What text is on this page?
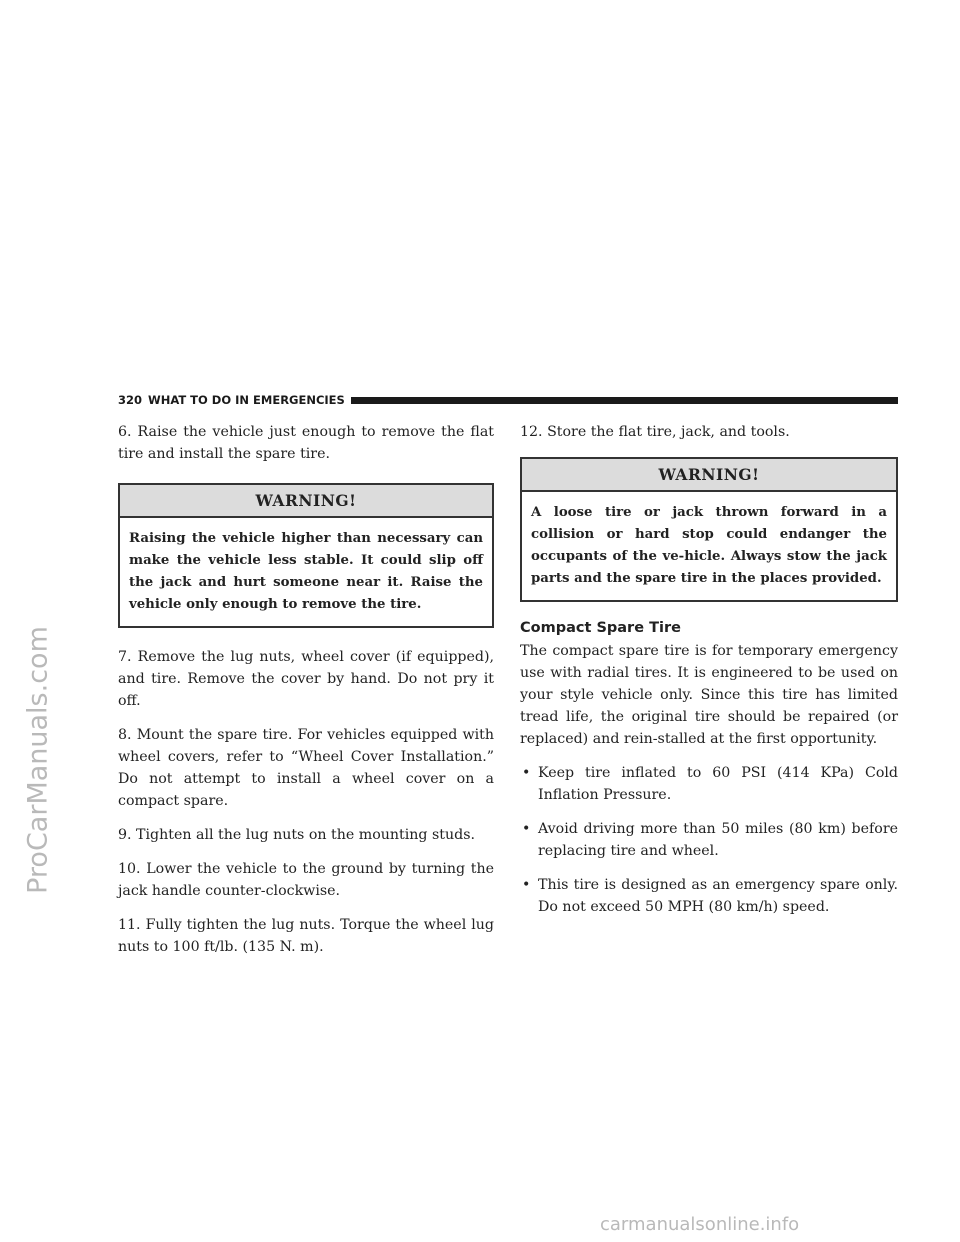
ProCarManuals.com
320 WHAT TO DO IN EMERGENCIES

6. Raise the vehicle just enough to remove the flat tire and install the spare tire.

WARNING!
Raising the vehicle higher than necessary can make the vehicle less stable. It could slip off the jack and hurt someone near it. Raise the vehicle only enough to remove the tire.

7. Remove the lug nuts, wheel cover (if equipped), and tire. Remove the cover by hand. Do not pry it off.

8. Mount the spare tire. For vehicles equipped with wheel covers, refer to “Wheel Cover Installation.” Do not attempt to install a wheel cover on a compact spare.

9. Tighten all the lug nuts on the mounting studs.

10. Lower the vehicle to the ground by turning the jack handle counter-clockwise.

11. Fully tighten the lug nuts. Torque the wheel lug nuts to 100 ft/lb. (135 N. m).

12. Store the flat tire, jack, and tools.

WARNING!
A loose tire or jack thrown forward in a collision or hard stop could endanger the occupants of the ve-hicle. Always stow the jack parts and the spare tire in the places provided.
Compact Spare Tire

The compact spare tire is for temporary emergency use with radial tires. It is engineered to be used on your style vehicle only. Since this tire has limited tread life, the original tire should be repaired (or replaced) and rein-stalled at the first opportunity.

• Keep tire inflated to 60 PSI (414 KPa) Cold Inflation Pressure.
• Avoid driving more than 50 miles (80 km) before replacing tire and wheel.
• This tire is designed as an emergency spare only. Do not exceed 50 MPH (80 km/h) speed.
carmanualsonline.info
